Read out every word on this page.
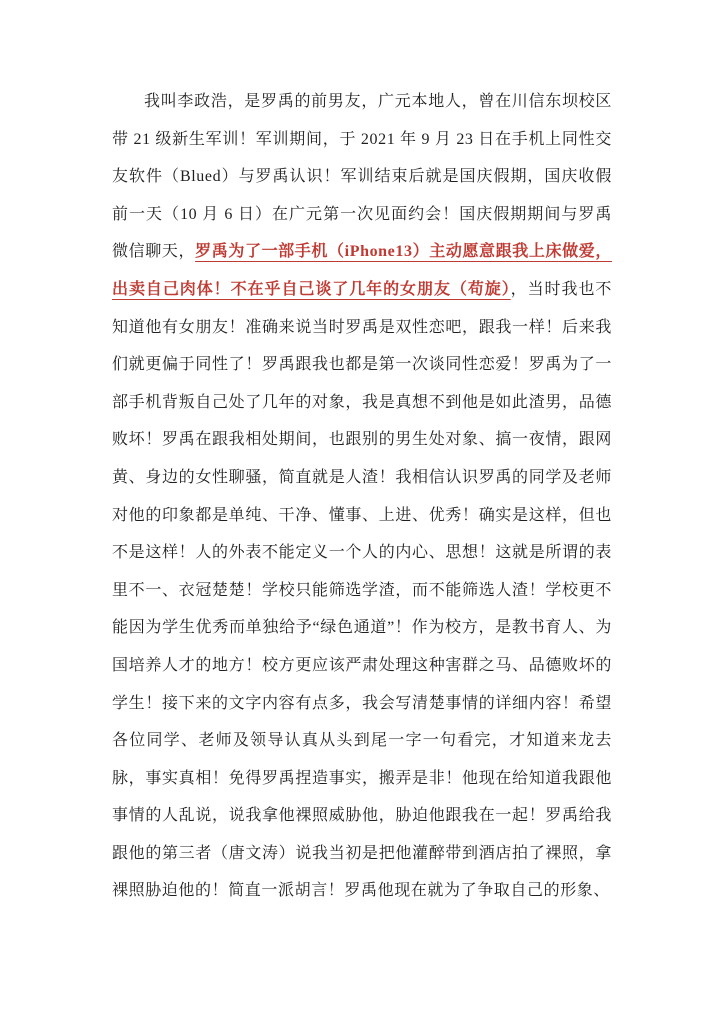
我叫李政浩，是罗禹的前男友，广元本地人，曾在川信东坝校区带 21 级新生军训！军训期间，于 2021 年 9 月 23 日在手机上同性交友软件（Blued）与罗禹认识！军训结束后就是国庆假期，国庆收假前一天（10 月 6 日）在广元第一次见面约会！国庆假期期间与罗禹微信聊天，罗禹为了一部手机（iPhone13）主动愿意跟我上床做爱，出卖自己肉体！不在乎自己谈了几年的女朋友（苟旋），当时我也不知道他有女朋友！准确来说当时罗禹是双性恋吧，跟我一样！后来我们就更偏于同性了！罗禹跟我也都是第一次谈同性恋爱！罗禹为了一部手机背叛自己处了几年的对象，我是真想不到他是如此渣男，品德败坏！罗禹在跟我相处期间，也跟别的男生处对象、搞一夜情，跟网黄、身边的女性聊骚，简直就是人渣！我相信认识罗禹的同学及老师对他的印象都是单纯、干净、懂事、上进、优秀！确实是这样，但也不是这样！人的外表不能定义一个人的内心、思想！这就是所谓的表里不一、衣冠楚楚！学校只能筛选学渣，而不能筛选人渣！学校更不能因为学生优秀而单独给予“绿色通道”！作为校方，是教书育人、为国培养人才的地方！校方更应该严肃处理这种害群之马、品德败坏的学生！接下来的文字内容有点多，我会写清楚事情的详细内容！希望各位同学、老师及领导认真从头到尾一字一句看完，才知道来龙去脉，事实真相！免得罗禹捏造事实，搬弄是非！他现在给知道我跟他事情的人乱说，说我拿他裸照威胁他，胁迫他跟我在一起！罗禹给我跟他的第三者（唐文涛）说我当初是把他灌醉带到酒店拍了裸照，拿裸照胁迫他的！简直一派胡言！罗禹他现在就为了争取自己的形象、
